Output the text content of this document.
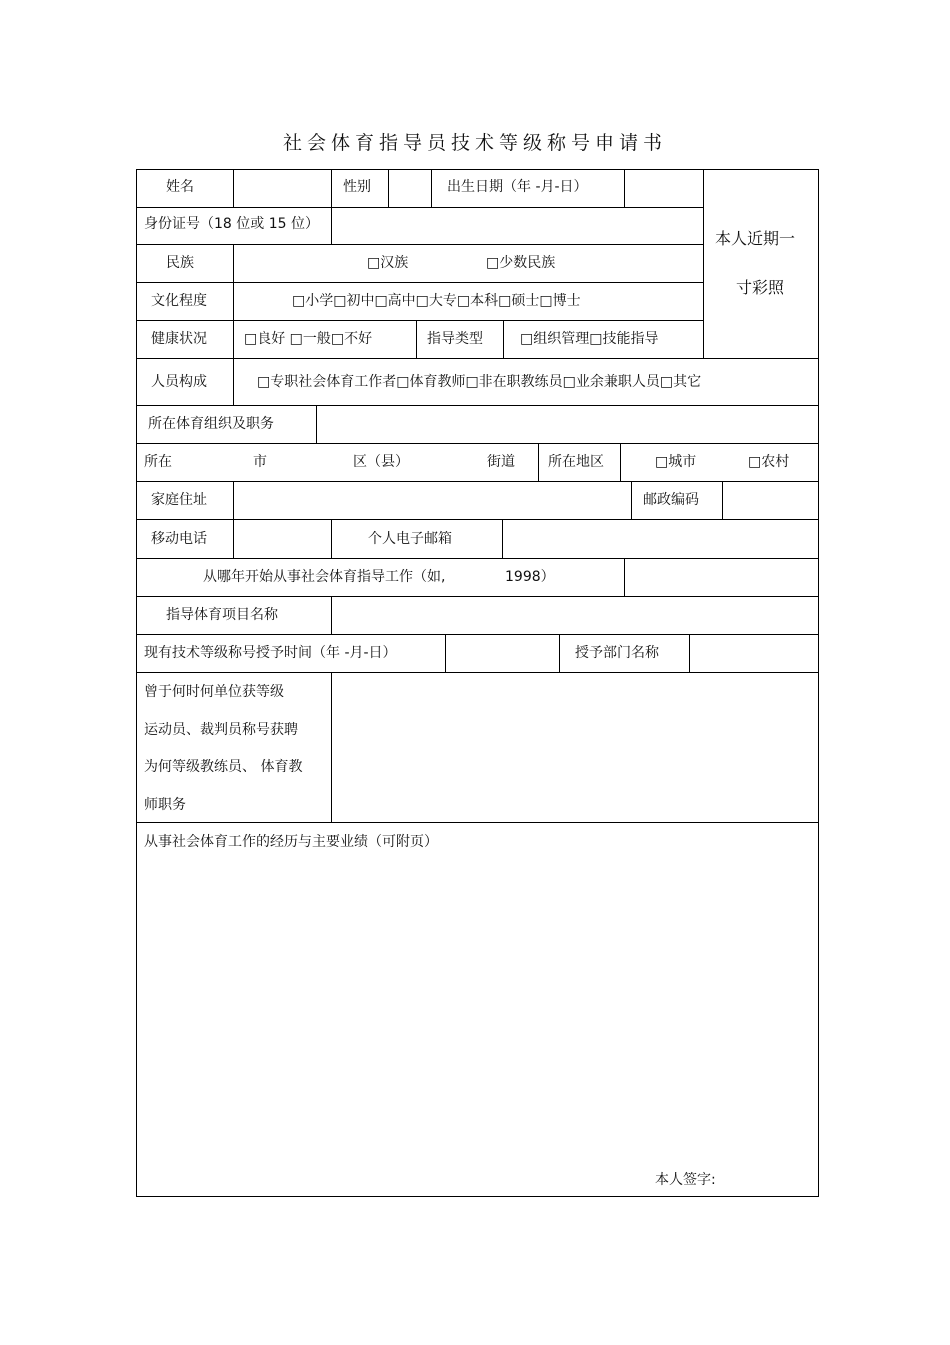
社会体育指导员技术等级称号申请书
姓名	性别	出生日期（年 -月-日）
本人近期一
寸彩照
身份证号（18 位或 15 位）
民族	□汉族	□少数民族
文化程度	□小学□初中□高中□大专□本科□硕士□博士
健康状况	□良好 □一般□不好	指导类型	□组织管理□技能指导
人员构成	□专职社会体育工作者□体育教师□非在职教练员□业余兼职人员□其它
所在体育组织及职务
所在	市	区（县）	街道 所在地区	□城市	□农村
家庭住址	邮政编码
移动电话	个人电子邮箱
从哪年开始从事社会体育指导工作（如,	1998）
指导体育项目名称
现有技术等级称号授予时间（年 -月-日）	授予部门名称
曾于何时何单位获等级
运动员、裁判员称号获聘
为何等级教练员、 体育教
师职务
从事社会体育工作的经历与主要业绩（可附页）
本人签字:
